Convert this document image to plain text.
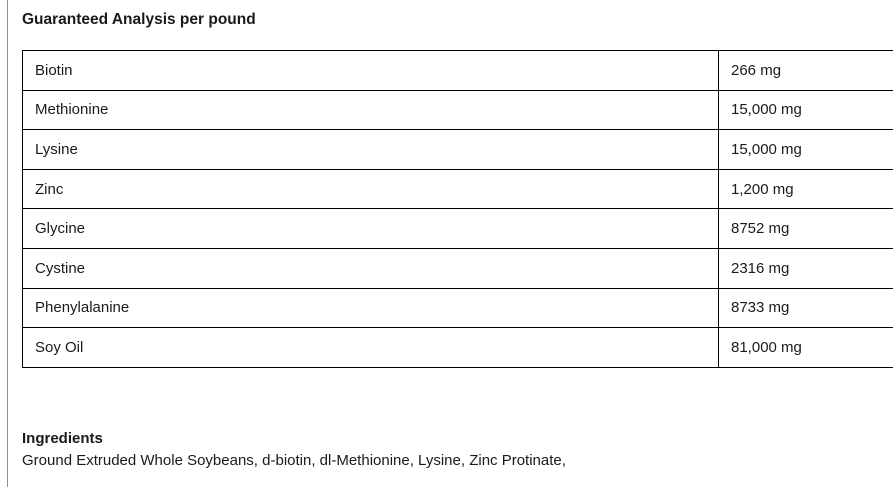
Guaranteed Analysis per pound
Biotin	266 mg
Methionine	15,000 mg
Lysine	15,000 mg
Zinc	1,200 mg
Glycine	8752 mg
Cystine	2316 mg
Phenylalanine	8733 mg
Soy Oil	81,000 mg
Ingredients
Ground Extruded Whole Soybeans, d-biotin, dl-Methionine, Lysine, Zinc Protinate,
